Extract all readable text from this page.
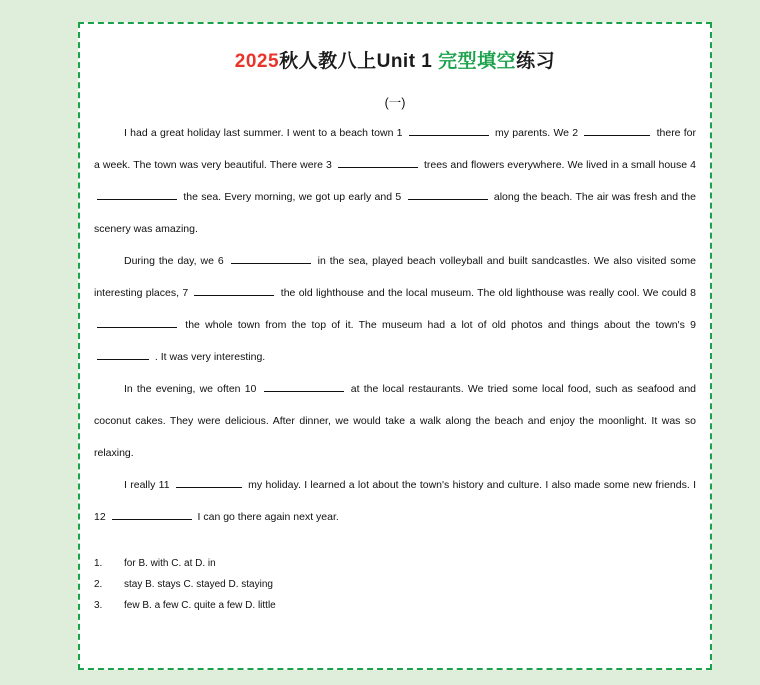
2025秋人教八上Unit 1 完型填空练习
(一)
I had a great holiday last summer. I went to a beach town 1	my parents. We 2	there for a week. The town was very beautiful. There were 3	trees and flowers everywhere. We lived in a small house 4  the sea. Every morning, we got up early and 5	along the beach. The air was fresh and the scenery was amazing.
During the day, we 6	in the sea, played beach volleyball and built sandcastles. We also visited some interesting places, 7	the old lighthouse and the local museum. The old lighthouse was really cool. We could 8  the whole town from the top of it. The museum had a lot of old photos and things about the town's 9  . It was very interesting.
In the evening, we often 10	at the local restaurants. We tried some local food, such as seafood and coconut cakes. They were delicious. After dinner, we would take a walk along the beach and enjoy the moonlight. It was so relaxing.
I really 11	my holiday. I learned a lot about the town's history and culture. I also made some new friends. I 12	I can go there again next year.
1.	for B. with C. at D. in
2.	stay B. stays C. stayed D. staying
3.	few B. a few C. quite a few D. little
